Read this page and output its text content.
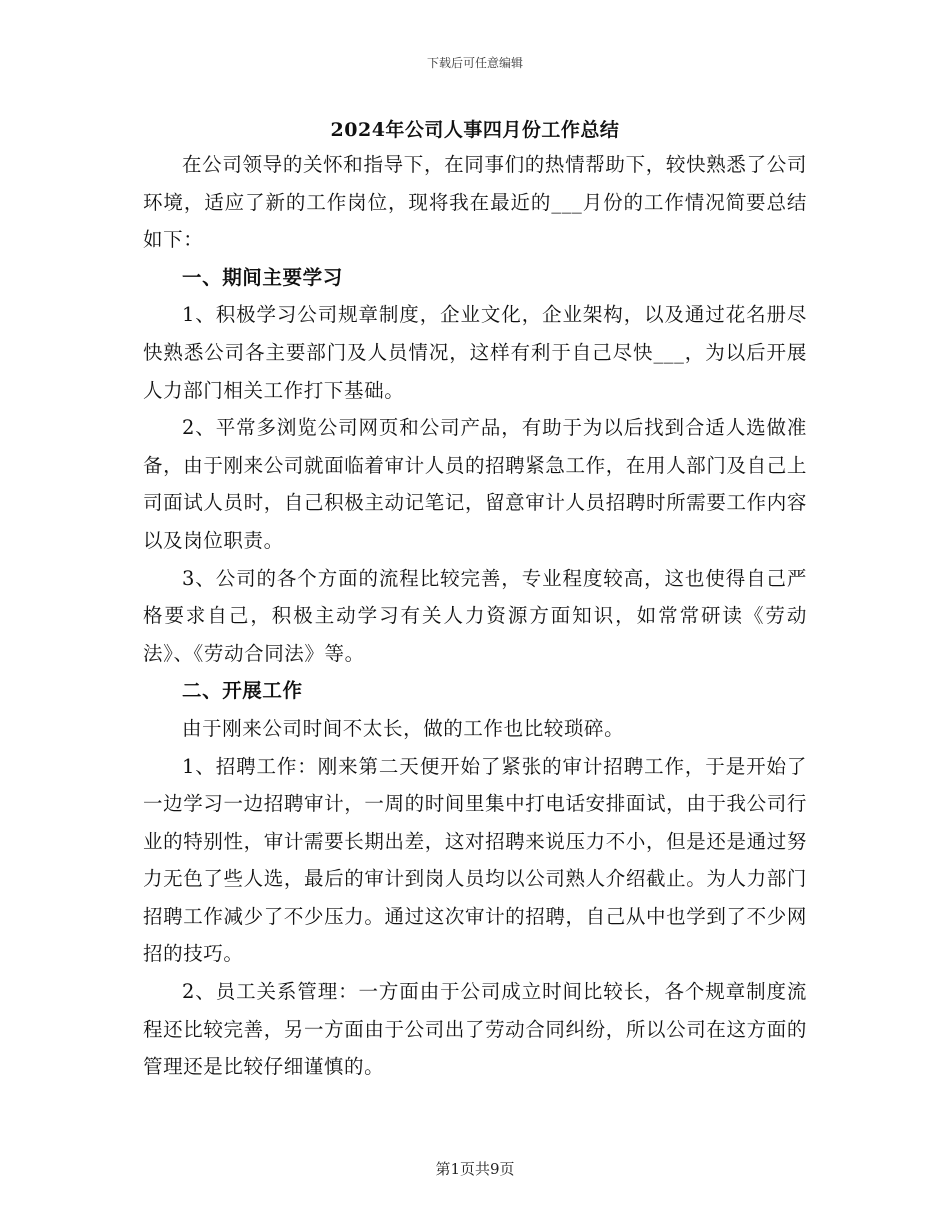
下载后可任意编辑
2024年公司人事四月份工作总结

在公司领导的关怀和指导下，在同事们的热情帮助下，较快熟悉了公司环境，适应了新的工作岗位，现将我在最近的___月份的工作情况简要总结如下：

一、期间主要学习

1、积极学习公司规章制度，企业文化，企业架构，以及通过花名册尽快熟悉公司各主要部门及人员情况，这样有利于自己尽快___，为以后开展人力部门相关工作打下基础。

2、平常多浏览公司网页和公司产品，有助于为以后找到合适人选做准备，由于刚来公司就面临着审计人员的招聘紧急工作，在用人部门及自己上司面试人员时，自己积极主动记笔记，留意审计人员招聘时所需要工作内容以及岗位职责。

3、公司的各个方面的流程比较完善，专业程度较高，这也使得自己严格要求自己，积极主动学习有关人力资源方面知识，如常常研读《劳动法》、《劳动合同法》等。

二、开展工作

由于刚来公司时间不太长，做的工作也比较琐碎。

1、招聘工作：刚来第二天便开始了紧张的审计招聘工作，于是开始了一边学习一边招聘审计，一周的时间里集中打电话安排面试，由于我公司行业的特别性，审计需要长期出差，这对招聘来说压力不小，但是还是通过努力无色了些人选，最后的审计到岗人员均以公司熟人介绍截止。为人力部门招聘工作减少了不少压力。通过这次审计的招聘，自己从中也学到了不少网招的技巧。

2、员工关系管理：一方面由于公司成立时间比较长，各个规章制度流程还比较完善，另一方面由于公司出了劳动合同纠纷，所以公司在这方面的管理还是比较仔细谨慎的。

第1页共9页
